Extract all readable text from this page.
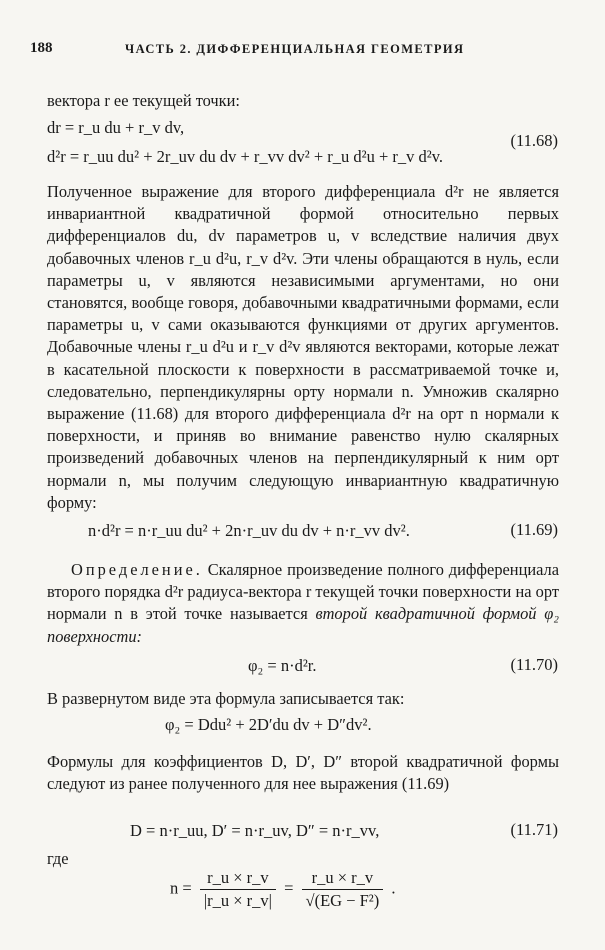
188	ЧАСТЬ 2. ДИФФЕРЕНЦИАЛЬНАЯ ГЕОМЕТРИЯ
вектора r ее текущей точки:
dr = r_u du + r_v dv,
d²r = r_uu du² + 2r_uv du dv + r_vv dv² + r_u d²u + r_v d²v.
(11.68)
Полученное выражение для второго дифференциала d²r не является инвариантной квадратичной формой относительно первых дифференциалов du, dv параметров u, v вследствие наличия двух добавочных членов r_u d²u, r_v d²v. Эти члены обращаются в нуль, если параметры u, v являются независимыми аргументами, но они становятся, вообще говоря, добавочными квадратичными формами, если параметры u, v сами оказываются функциями от других аргументов. Добавочные члены r_u d²u и r_v d²v являются векторами, которые лежат в касательной плоскости к поверхности в рассматриваемой точке и, следовательно, перпендикулярны орту нормали n. Умножив скалярно выражение (11.68) для второго дифференциала d²r на орт n нормали к поверхности, и приняв во внимание равенство нулю скалярных произведений добавочных членов на перпендикулярный к ним орт нормали n, мы получим следующую инвариантную квадратичную форму:
n·d²r = n·r_uu du² + 2n·r_uv du dv + n·r_vv dv².	(11.69)
Определение. Скалярное произведение полного дифференциала второго порядка d²r радиуса-вектора r текущей точки поверхности на орт нормали n в этой точке называется второй квадратичной формой φ₂ поверхности:
φ₂ = n·d²r.	(11.70)
В развернутом виде эта формула записывается так:
φ₂ = Ddu² + 2D′du dv + D″dv².
Формулы для коэффициентов D, D′, D″ второй квадратичной формы следуют из ранее полученного для нее выражения (11.69)
D = n·r_uu, D′ = n·r_uv, D″ = n·r_vv,	(11.71)
где
$n = \frac{r\_u \times r\_v}{|r\_u \times r\_v|} = \frac{r\_u \times r\_v}{\text{√(EG − F²)}}$ .
